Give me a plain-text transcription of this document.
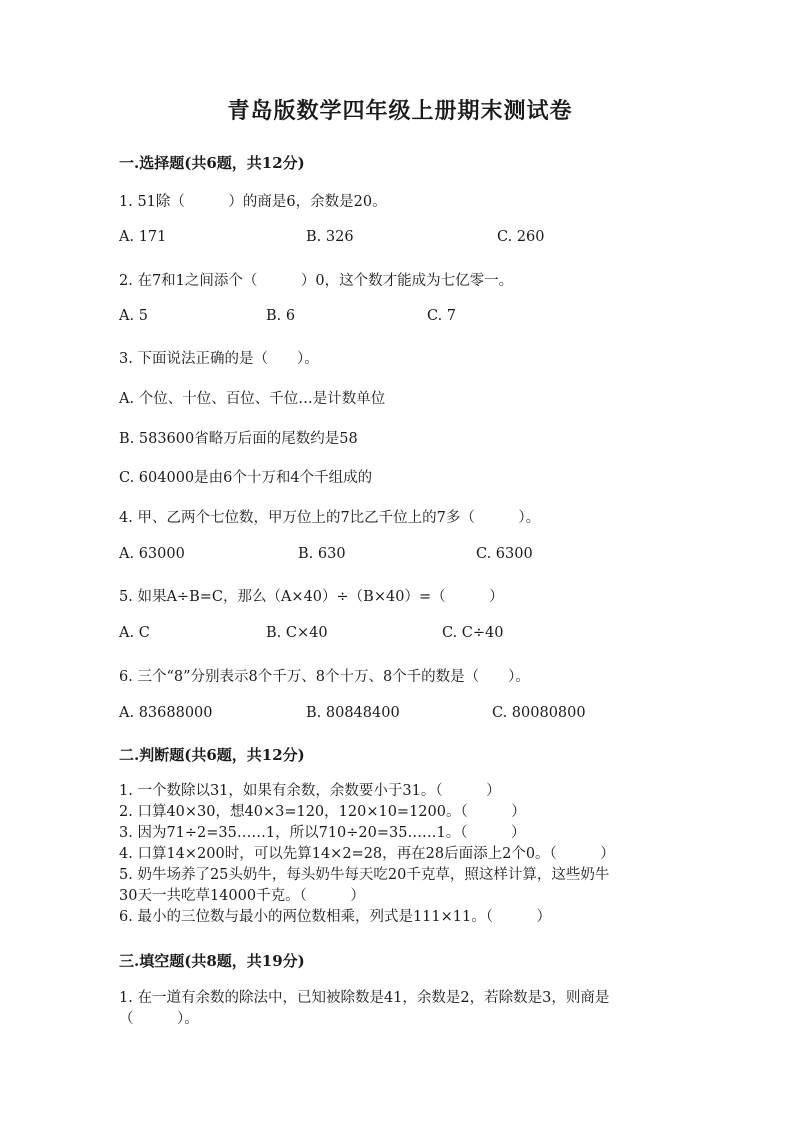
青岛版数学四年级上册期末测试卷
一.选择题(共6题，共12分)
1. 51除（　　　）的商是6，余数是20。
A. 171	B. 326	C. 260
2. 在7和1之间添个（　　　）0，这个数才能成为七亿零一。
A. 5	B. 6	C. 7
3. 下面说法正确的是（　　）。
A. 个位、十位、百位、千位…是计数单位
B. 583600省略万后面的尾数约是58
C. 604000是由6个十万和4个千组成的
4. 甲、乙两个七位数，甲万位上的7比乙千位上的7多（　　　）。
A. 63000	B. 630	C. 6300
5. 如果A÷B=C，那么（A×40）÷（B×40）=（　　　）
A. C	B. C×40	C. C÷40
6. 三个“8”分别表示8个千万、8个十万、8个千的数是（　　）。
A. 83688000	B. 80848400	C. 80080800
二.判断题(共6题，共12分)
1. 一个数除以31，如果有余数，余数要小于31。（　　　）
2. 口算40×30，想40×3=120，120×10=1200。（　　　）
3. 因为71÷2=35……1，所以710÷20=35……1。（　　　）
4. 口算14×200时，可以先算14×2=28，再在28后面添上2个0。（　　　）
5. 奶牛场养了25头奶牛，每头奶牛每天吃20千克草，照这样计算，这些奶牛
30天一共吃草14000千克。（　　　）
6. 最小的三位数与最小的两位数相乘，列式是111×11。（　　　）
三.填空题(共8题，共19分)
1. 在一道有余数的除法中，已知被除数是41，余数是2，若除数是3，则商是
（　　　）。
